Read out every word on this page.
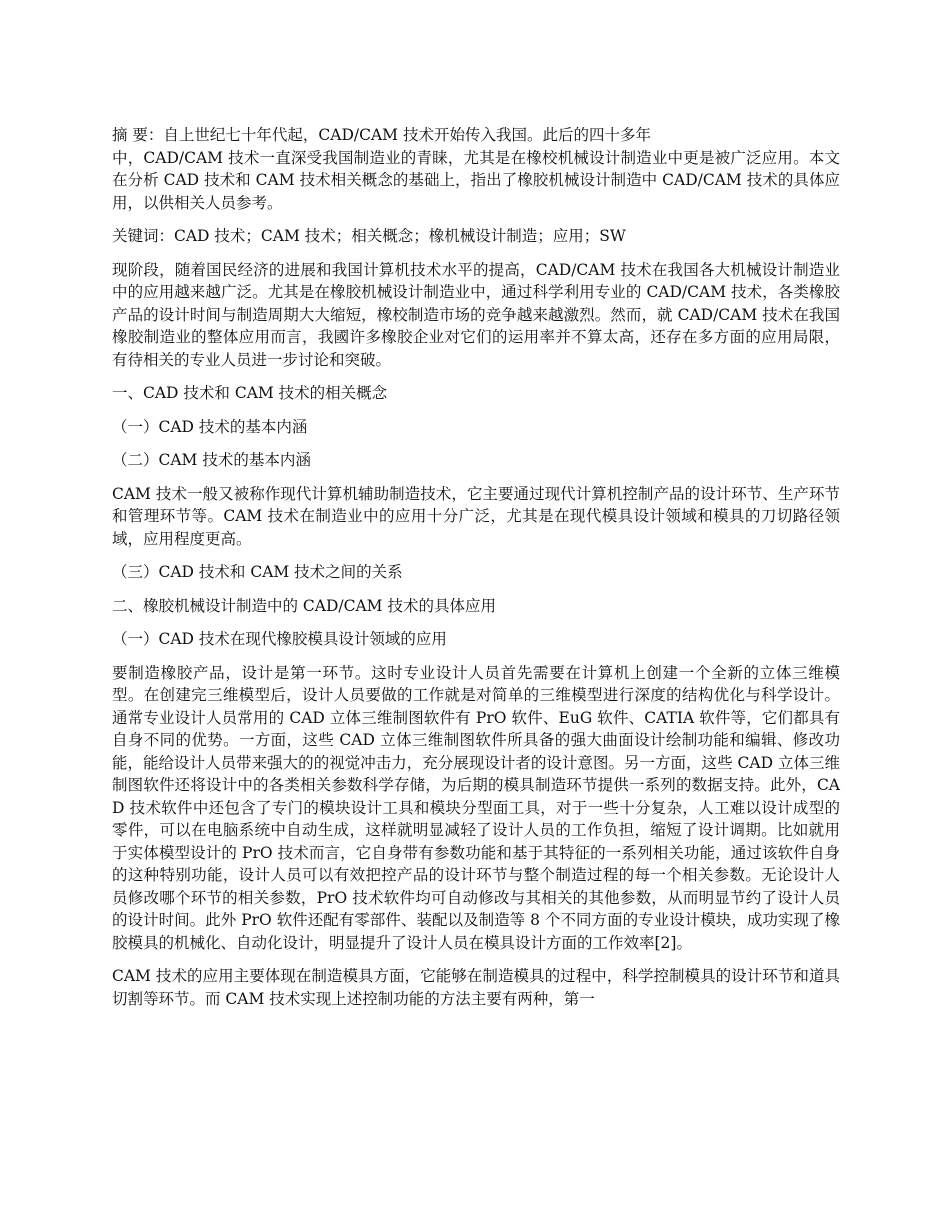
摘 要：自上世纪七十年代起，CAD/CAM 技术开始传入我国。此后的四十多年
中，CAD/CAM 技术一直深受我国制造业的青睐，尤其是在橡校机械设计制造业中更是被广泛应用。本文在分析 CAD 技术和 CAM 技术相关概念的基础上，指出了橡胶机械设计制造中 CAD/CAM 技术的具体应用，以供相关人员参考。
关键词：CAD 技术；CAM 技术；相关概念；橡机械设计制造；应用；SW
现阶段，随着国民经济的进展和我国计算机技术水平的提高，CAD/CAM 技术在我国各大机械设计制造业中的应用越来越广泛。尤其是在橡胶机械设计制造业中，通过科学利用专业的 CAD/CAM 技术，各类橡胶产品的设计时间与制造周期大大缩短，橡校制造市场的竞争越来越激烈。然而，就 CAD/CAM 技术在我国橡胶制造业的整体应用而言，我國许多橡胶企业对它们的运用率并不算太高，还存在多方面的应用局限，有待相关的专业人员进一步讨论和突破。
一、CAD 技术和 CAM 技术的相关概念
（一）CAD 技术的基本内涵
（二）CAM 技术的基本内涵
CAM 技术一般又被称作现代计算机辅助制造技术，它主要通过现代计算机控制产品的设计环节、生产环节和管理环节等。CAM 技术在制造业中的应用十分广泛，尤其是在现代模具设计领域和模具的刀切路径领域，应用程度更高。
（三）CAD 技术和 CAM 技术之间的关系
二、橡胶机械设计制造中的 CAD/CAM 技术的具体应用
（一）CAD 技术在现代橡胶模具设计领域的应用
要制造橡胶产品，设计是第一环节。这时专业设计人员首先需要在计算机上创建一个全新的立体三维模型。在创建完三维模型后，设计人员要做的工作就是对简单的三维模型进行深度的结构优化与科学设计。通常专业设计人员常用的 CAD 立体三维制图软件有 PrO 软件、EuG 软件、CATIA 软件等，它们都具有自身不同的优势。一方面，这些 CAD 立体三维制图软件所具备的强大曲面设计绘制功能和编辑、修改功能，能给设计人员带来强大的的视觉冲击力，充分展现设计者的设计意图。另一方面，这些 CAD 立体三维制图软件还将设计中的各类相关参数科学存储，为后期的模具制造环节提供一系列的数据支持。此外，CAD 技术软件中还包含了专门的模块设计工具和模块分型面工具，对于一些十分复杂，人工难以设计成型的零件，可以在电脑系统中自动生成，这样就明显减轻了设计人员的工作负担，缩短了设计调期。比如就用于实体模型设计的 PrO 技术而言，它自身带有参数功能和基于其特征的一系列相关功能，通过该软件自身的这种特别功能，设计人员可以有效把控产品的设计环节与整个制造过程的每一个相关参数。无论设计人员修改哪个环节的相关参数，PrO 技术软件均可自动修改与其相关的其他参数，从而明显节约了设计人员的设计时间。此外 PrO 软件还配有零部件、装配以及制造等 8 个不同方面的专业设计模块，成功实现了橡胶模具的机械化、自动化设计，明显提升了设计人员在模具设计方面的工作效率[2]。
CAM 技术的应用主要体现在制造模具方面，它能够在制造模具的过程中，科学控制模具的设计环节和道具切割等环节。而 CAM 技术实现上述控制功能的方法主要有两种，第一
